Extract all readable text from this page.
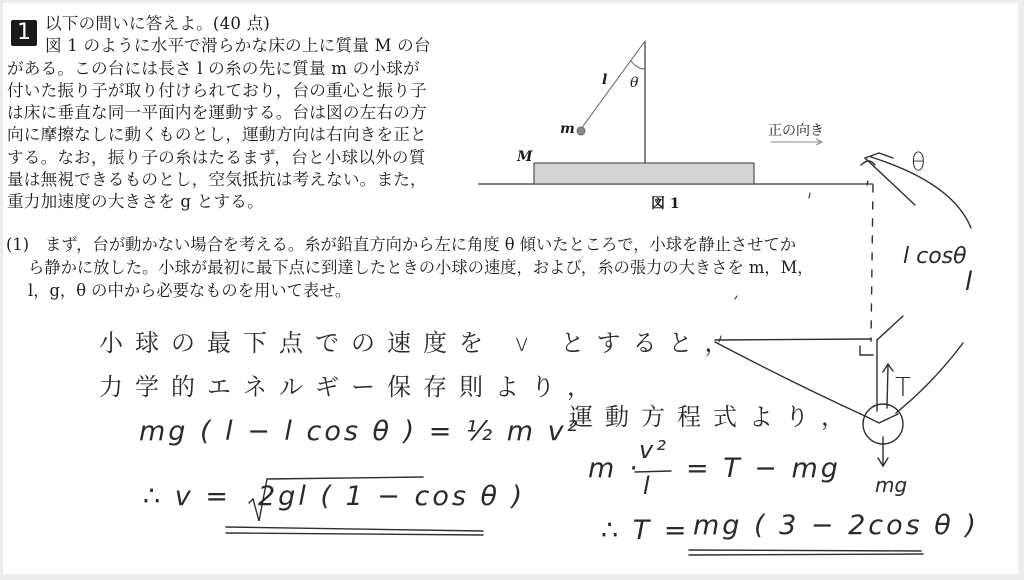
1 以下の問いに答えよ。(40 点)
図 1 のように水平で滑らかな床の上に質量 M の台
がある。この台には長さ l の糸の先に質量 m の小球が
付いた振り子が取り付けられており，台の重心と振り子
は床に垂直な同一平面内を運動する。台は図の左右の方
向に摩擦なしに動くものとし，運動方向は右向きを正と
する。なお，振り子の糸はたるまず，台と小球以外の質
量は無視できるものとし，空気抵抗は考えない。また，
重力加速度の大きさを g とする。
(1) まず，台が動かない場合を考える。糸が鉛直方向から左に角度 θ 傾いたところで，小球を静止させてか
ら静かに放した。小球が最初に最下点に到達したときの小球の速度，および，糸の張力の大きさを m，M，
l，g，θ の中から必要なものを用いて表せ。
l θ
m
M
正の向き
図 1
小球の最下点での速度を v とすると，
力学的エネルギー保存則より，
mg ( l − l cos θ ) = ½ m v²
∴ v = 2gl ( 1 − cos θ )
運動方程式より，
m ·
v²
l
= T − mg
∴ T = mg ( 3 − 2cos θ )
θ
l cosθ
l
T
mg
